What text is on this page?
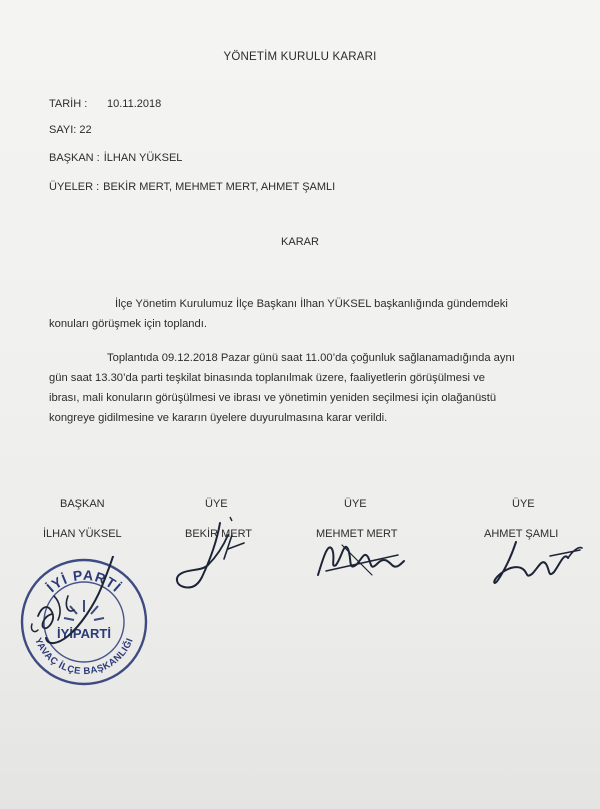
YÖNETİM KURULU KARARI
TARİH : 10.11.2018
SAYI: 22
BAŞKAN : İLHAN YÜKSEL
ÜYELER : BEKİR MERT, MEHMET MERT, AHMET ŞAMLI
KARAR
İlçe Yönetim Kurulumuz İlçe Başkanı İlhan YÜKSEL başkanlığında gündemdeki
konuları görüşmek için toplandı.
Toplantıda 09.12.2018 Pazar günü saat 11.00’da çoğunluk sağlanamadığında aynı
gün saat 13.30’da parti teşkilat binasında toplanılmak üzere, faaliyetlerin görüşülmesi ve
ibrası, mali konuların görüşülmesi ve ibrası ve yönetimin yeniden seçilmesi için olağanüstü
kongreye gidilmesine ve kararın üyelere duyurulmasına karar verildi.
BAŞKAN
İLHAN YÜKSEL
ÜYE
BEKİR MERT
ÜYE
MEHMET MERT
ÜYE
AHMET ŞAMLI
İYİ PARTİ
İYİPARTİ
YAVAÇ İLÇE BAŞKANLIĞI
